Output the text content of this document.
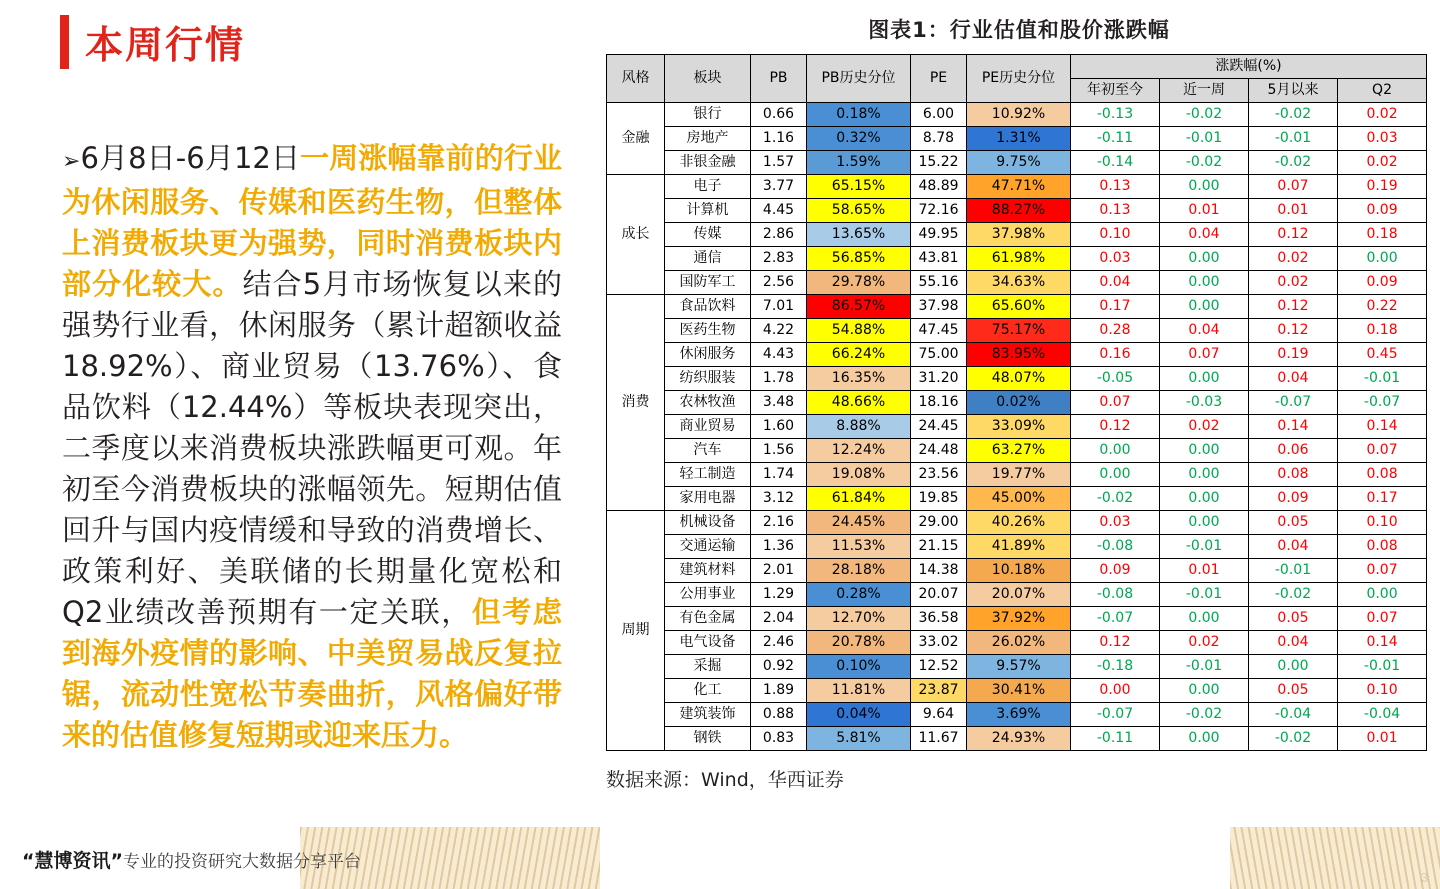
本周行情
➢6月8日-6月12日一周涨幅靠前的行业为休闲服务、传媒和医药生物，但整体上消费板块更为强势，同时消费板块内部分化较大。结合5月市场恢复以来的强势行业看，休闲服务（累计超额收益18.92%）、商业贸易（13.76%）、食品饮料（12.44%）等板块表现突出，二季度以来消费板块涨跌幅更可观。年初至今消费板块的涨幅领先。短期估值回升与国内疫情缓和导致的消费增长、政策利好、美联储的长期量化宽松和Q2业绩改善预期有一定关联，但考虑到海外疫情的影响、中美贸易战反复拉锯，流动性宽松节奏曲折，风格偏好带来的估值修复短期或迎来压力。
“慧博资讯”专业的投资研究大数据分享平台
图表1：行业估值和股价涨跌幅
风格	板块	PB	PB历史分位	PE	PE历史分位	涨跌幅(%)			
						年初至今	近一周	5月以来	Q2
金融	银行	0.66	0.18%	6.00	10.92%	-0.13	-0.02	-0.02	0.02
	房地产	1.16	0.32%	8.78	1.31%	-0.11	-0.01	-0.01	0.03
	非银金融	1.57	1.59%	15.22	9.75%	-0.14	-0.02	-0.02	0.02
成长	电子	3.77	65.15%	48.89	47.71%	0.13	0.00	0.07	0.19
	计算机	4.45	58.65%	72.16	88.27%	0.13	0.01	0.01	0.09
	传媒	2.86	13.65%	49.95	37.98%	0.10	0.04	0.12	0.18
	通信	2.83	56.85%	43.81	61.98%	0.03	0.00	0.02	0.00
	国防军工	2.56	29.78%	55.16	34.63%	0.04	0.00	0.02	0.09
消费	食品饮料	7.01	86.57%	37.98	65.60%	0.17	0.00	0.12	0.22
	医药生物	4.22	54.88%	47.45	75.17%	0.28	0.04	0.12	0.18
	休闲服务	4.43	66.24%	75.00	83.95%	0.16	0.07	0.19	0.45
	纺织服装	1.78	16.35%	31.20	48.07%	-0.05	0.00	0.04	-0.01
	农林牧渔	3.48	48.66%	18.16	0.02%	0.07	-0.03	-0.07	-0.07
	商业贸易	1.60	8.88%	24.45	33.09%	0.12	0.02	0.14	0.14
	汽车	1.56	12.24%	24.48	63.27%	0.00	0.00	0.06	0.07
	轻工制造	1.74	19.08%	23.56	19.77%	0.00	0.00	0.08	0.08
	家用电器	3.12	61.84%	19.85	45.00%	-0.02	0.00	0.09	0.17
周期	机械设备	2.16	24.45%	29.00	40.26%	0.03	0.00	0.05	0.10
	交通运输	1.36	11.53%	21.15	41.89%	-0.08	-0.01	0.04	0.08
	建筑材料	2.01	28.18%	14.38	10.18%	0.09	0.01	-0.01	0.07
	公用事业	1.29	0.28%	20.07	20.07%	-0.08	-0.01	-0.02	0.00
	有色金属	2.04	12.70%	36.58	37.92%	-0.07	0.00	0.05	0.07
	电气设备	2.46	20.78%	33.02	26.02%	0.12	0.02	0.04	0.14
	采掘	0.92	0.10%	12.52	9.57%	-0.18	-0.01	0.00	-0.01
	化工	1.89	11.81%	23.87	30.41%	0.00	0.00	0.05	0.10
	建筑装饰	0.88	0.04%	9.64	3.69%	-0.07	-0.02	-0.04	-0.04
	钢铁	0.83	5.81%	11.67	24.93%	-0.11	0.00	-0.02	0.01
数据来源：Wind，华西证券
